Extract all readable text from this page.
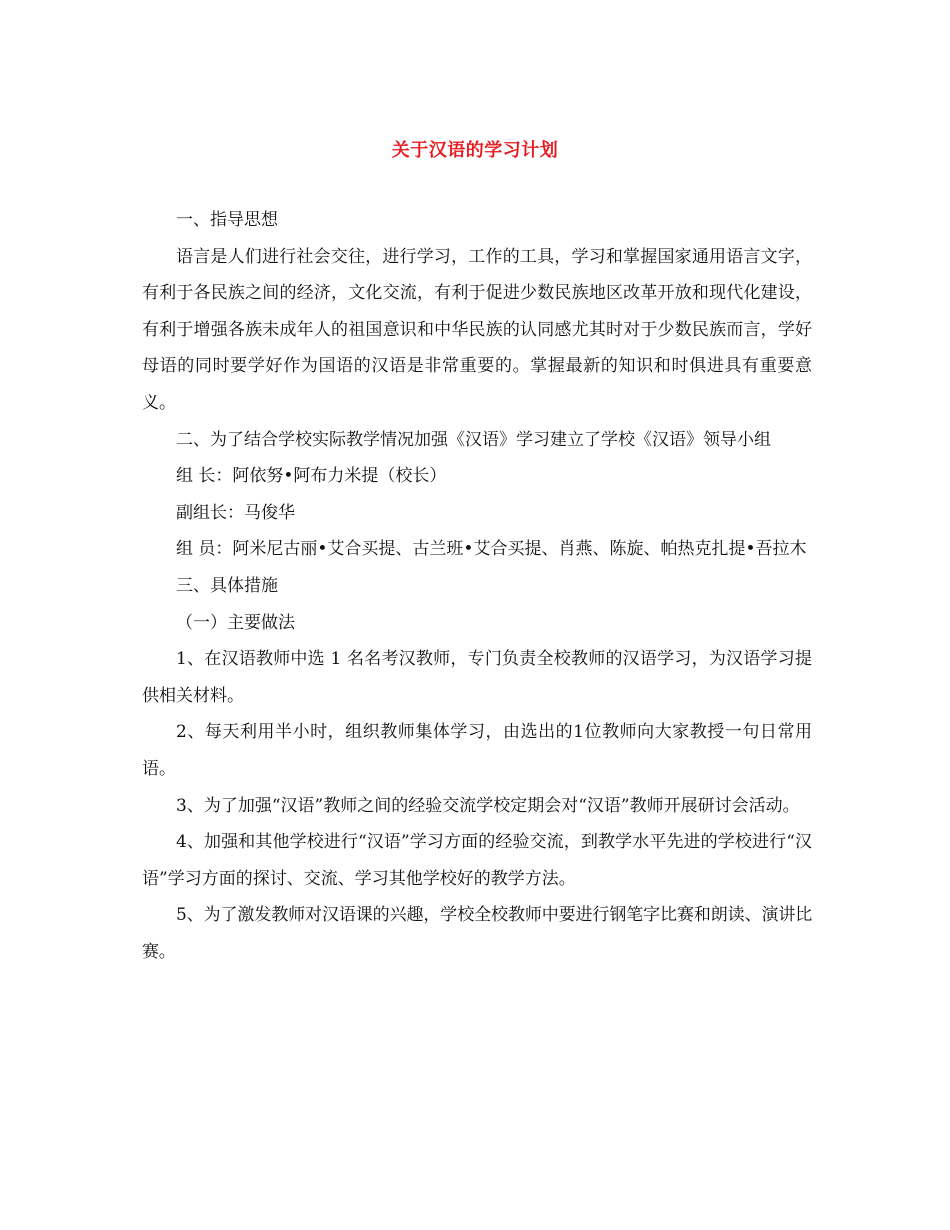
关于汉语的学习计划

一、指导思想

语言是人们进行社会交往，进行学习，工作的工具，学习和掌握国家通用语言文字，有利于各民族之间的经济，文化交流，有利于促进少数民族地区改革开放和现代化建设，有利于增强各族未成年人的祖国意识和中华民族的认同感尤其时对于少数民族而言，学好母语的同时要学好作为国语的汉语是非常重要的。掌握最新的知识和时俱进具有重要意义。

二、为了结合学校实际教学情况加强《汉语》学习建立了学校《汉语》领导小组

组 长：阿依努•阿布力米提（校长）

副组长：马俊华

组 员：阿米尼古丽•艾合买提、古兰班•艾合买提、肖燕、陈旋、帕热克扎提•吾拉木

三、具体措施

（一）主要做法

1、在汉语教师中选 1 名名考汉教师，专门负责全校教师的汉语学习，为汉语学习提供相关材料。

2、每天利用半小时，组织教师集体学习，由选出的1位教师向大家教授一句日常用语。

3、为了加强“汉语”教师之间的经验交流学校定期会对“汉语”教师开展研讨会活动。

4、加强和其他学校进行“汉语”学习方面的经验交流，到教学水平先进的学校进行“汉语”学习方面的探讨、交流、学习其他学校好的教学方法。

5、为了激发教师对汉语课的兴趣，学校全校教师中要进行钢笔字比赛和朗读、演讲比赛。
